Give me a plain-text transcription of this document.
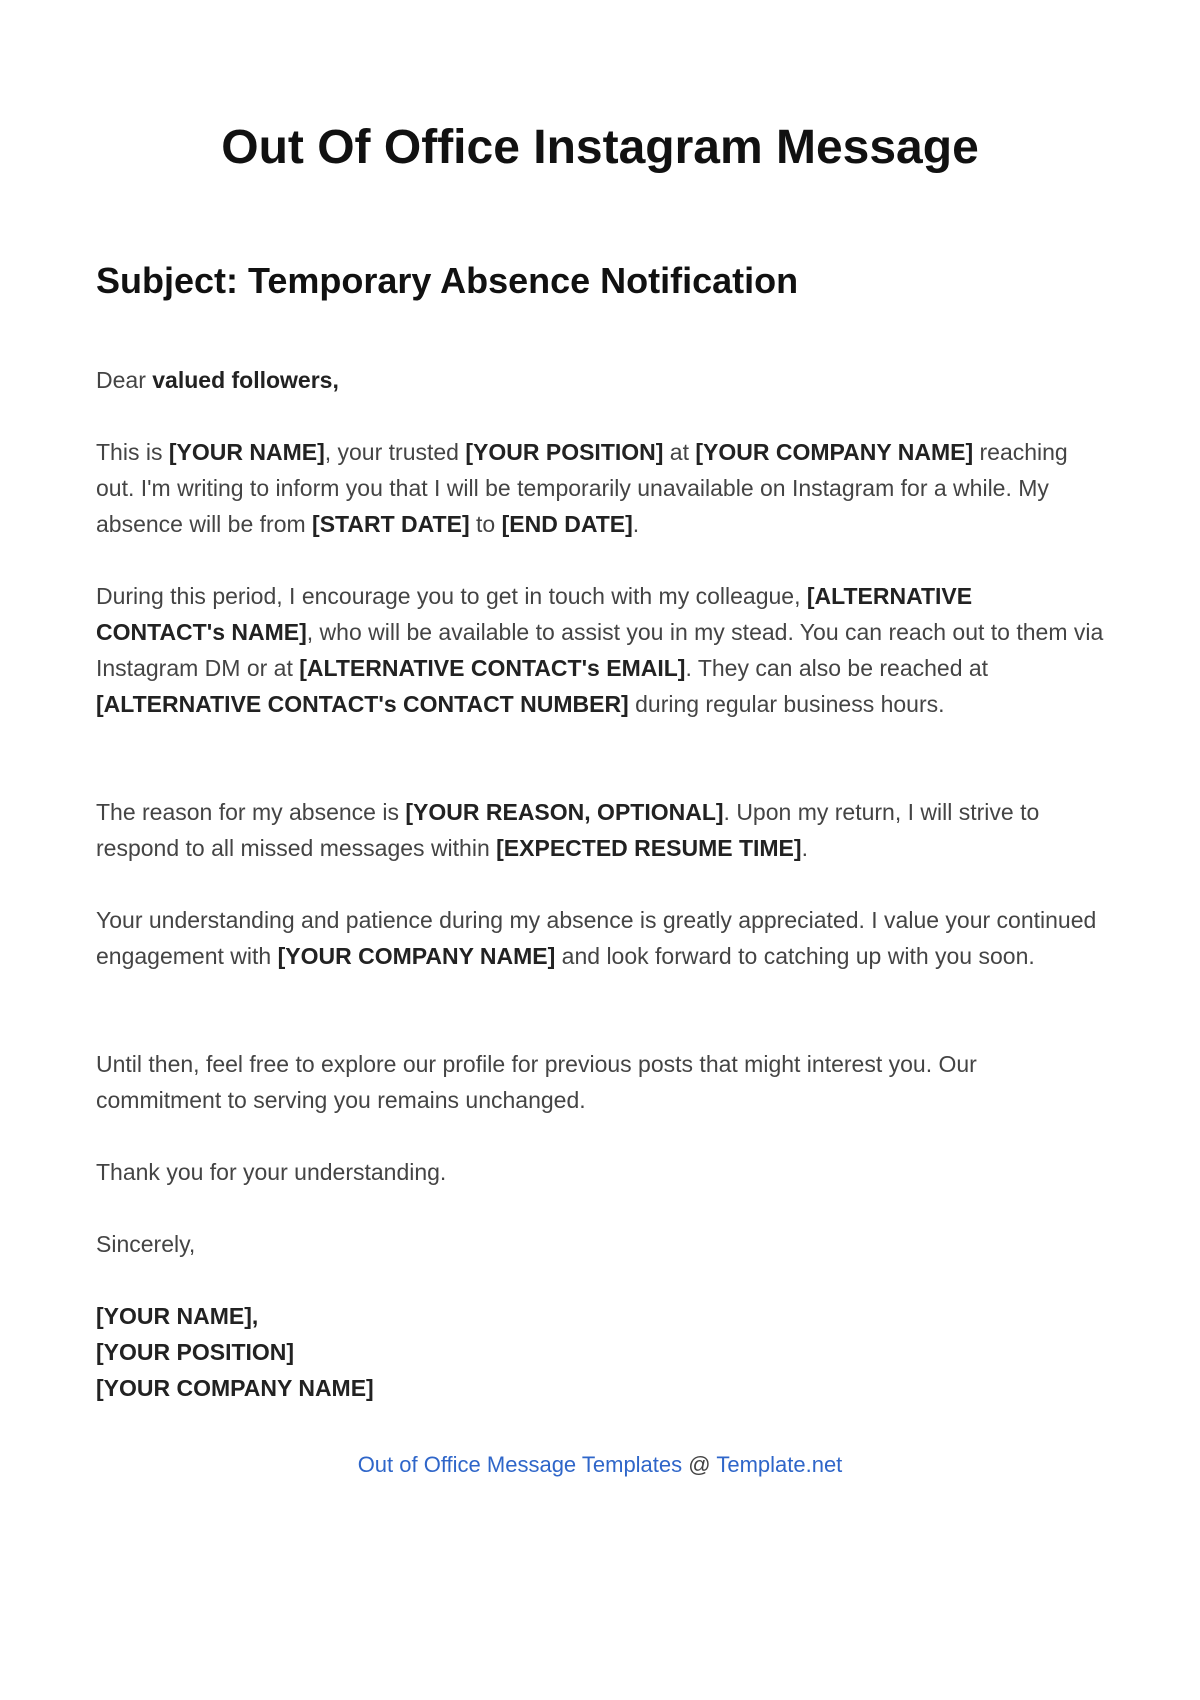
Out Of Office Instagram Message
Subject: Temporary Absence Notification

Dear valued followers,

This is [YOUR NAME], your trusted [YOUR POSITION] at [YOUR COMPANY NAME] reaching out. I'm writing to inform you that I will be temporarily unavailable on Instagram for a while. My absence will be from [START DATE] to [END DATE].

During this period, I encourage you to get in touch with my colleague, [ALTERNATIVE CONTACT's NAME], who will be available to assist you in my stead. You can reach out to them via Instagram DM or at [ALTERNATIVE CONTACT's EMAIL]. They can also be reached at [ALTERNATIVE CONTACT's CONTACT NUMBER] during regular business hours.

The reason for my absence is [YOUR REASON, OPTIONAL]. Upon my return, I will strive to respond to all missed messages within [EXPECTED RESUME TIME].

Your understanding and patience during my absence is greatly appreciated. I value your continued engagement with [YOUR COMPANY NAME] and look forward to catching up with you soon.

Until then, feel free to explore our profile for previous posts that might interest you. Our commitment to serving you remains unchanged.

Thank you for your understanding.

Sincerely,

[YOUR NAME],
[YOUR POSITION]
[YOUR COMPANY NAME]

Out of Office Message Templates @ Template.net
